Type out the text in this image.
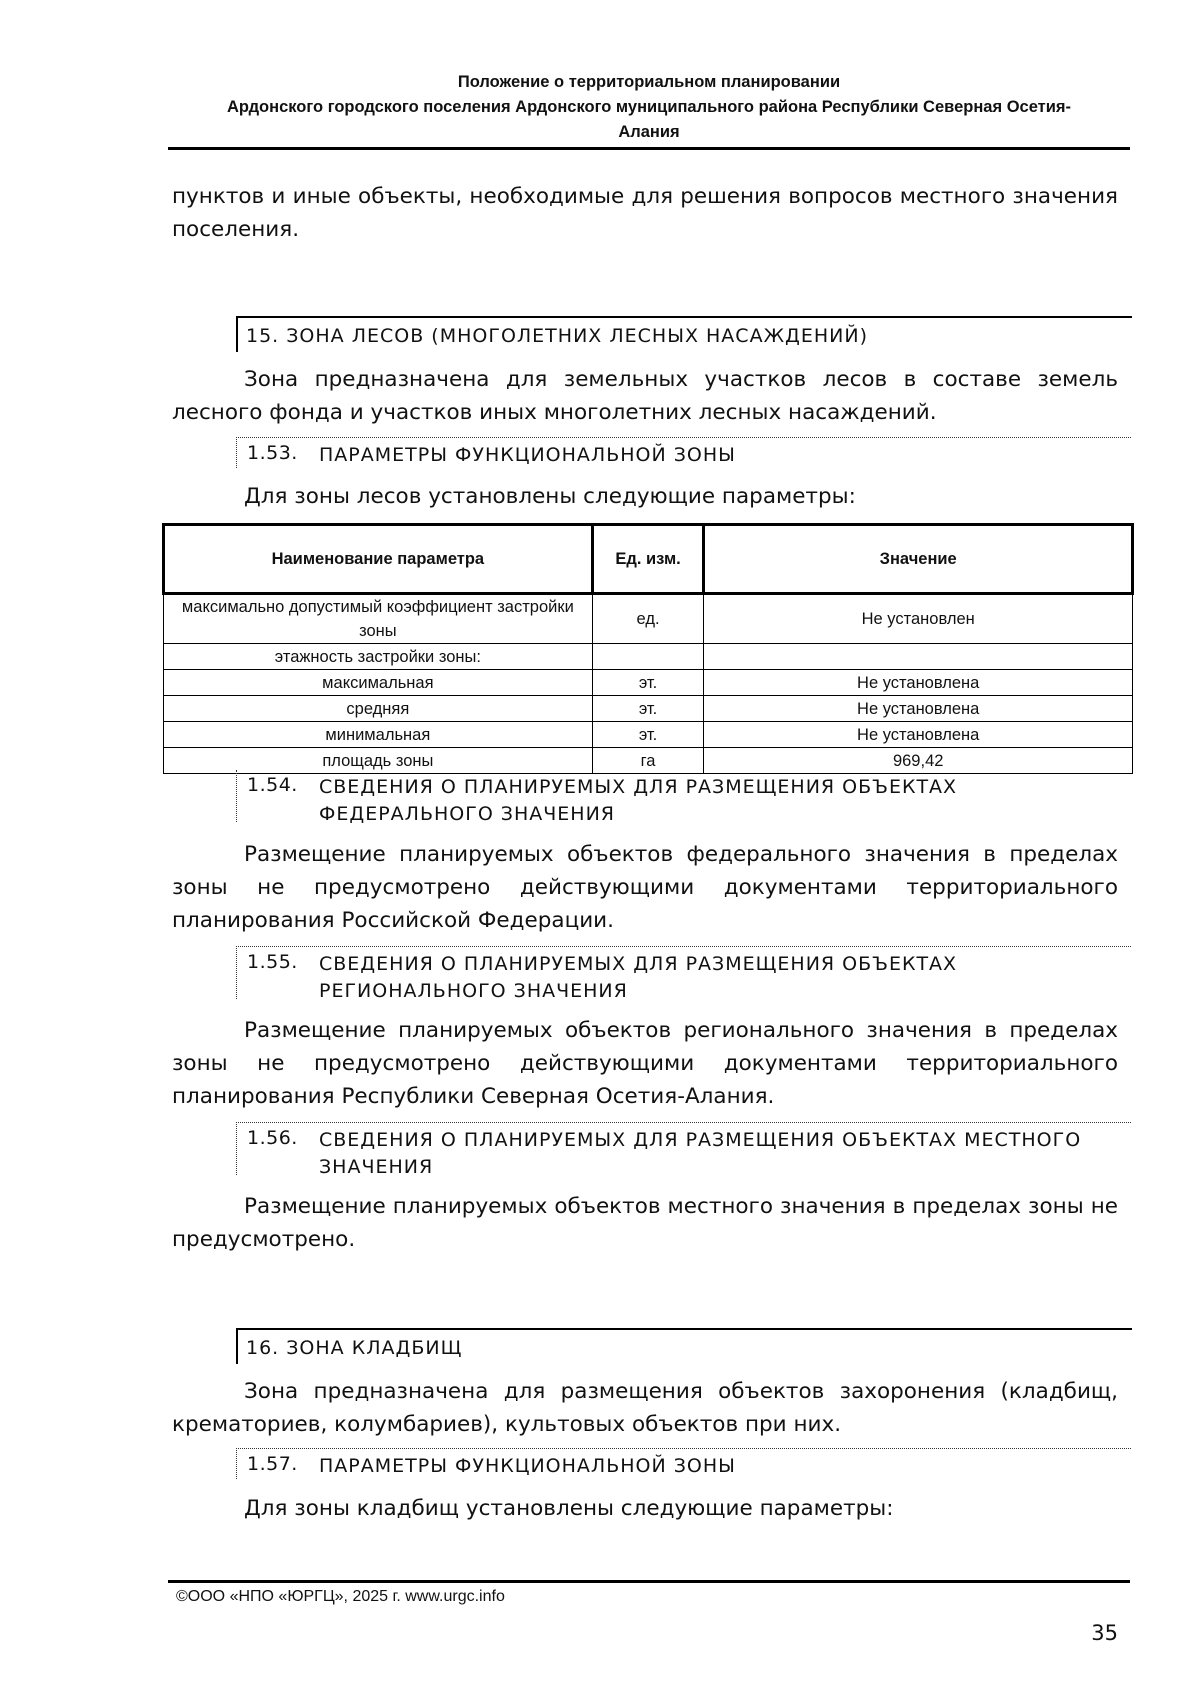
Положение о территориальном планировании
Ардонского городского поселения Ардонского муниципального района Республики Северная Осетия-
Алания
пунктов и иные объекты, необходимые для решения вопросов местного значения поселения.
15. ЗОНА ЛЕСОВ (МНОГОЛЕТНИХ ЛЕСНЫХ НАСАЖДЕНИЙ)
Зона предназначена для земельных участков лесов в составе земель лесного фонда и участков иных многолетних лесных насаждений.
1.53. ПАРАМЕТРЫ ФУНКЦИОНАЛЬНОЙ ЗОНЫ
Для зоны лесов установлены следующие параметры:
Наименование параметра	Ед. изм.	Значение
максимально допустимый коэффициент застройки зоны	ед.	Не установлен
этажность застройки зоны:		
максимальная	эт.	Не установлена
средняя	эт.	Не установлена
минимальная	эт.	Не установлена
площадь зоны	га	969,42
1.54. СВЕДЕНИЯ О ПЛАНИРУЕМЫХ ДЛЯ РАЗМЕЩЕНИЯ ОБЪЕКТАХ ФЕДЕРАЛЬНОГО ЗНАЧЕНИЯ
Размещение планируемых объектов федерального значения в пределах зоны не предусмотрено действующими документами территориального планирования Российской Федерации.
1.55. СВЕДЕНИЯ О ПЛАНИРУЕМЫХ ДЛЯ РАЗМЕЩЕНИЯ ОБЪЕКТАХ РЕГИОНАЛЬНОГО ЗНАЧЕНИЯ
Размещение планируемых объектов регионального значения в пределах зоны не предусмотрено действующими документами территориального планирования Республики Северная Осетия-Алания.
1.56. СВЕДЕНИЯ О ПЛАНИРУЕМЫХ ДЛЯ РАЗМЕЩЕНИЯ ОБЪЕКТАХ МЕСТНОГО ЗНАЧЕНИЯ
Размещение планируемых объектов местного значения в пределах зоны не предусмотрено.
16. ЗОНА КЛАДБИЩ
Зона предназначена для размещения объектов захоронения (кладбищ, крематориев, колумбариев), культовых объектов при них.
1.57. ПАРАМЕТРЫ ФУНКЦИОНАЛЬНОЙ ЗОНЫ
Для зоны кладбищ установлены следующие параметры:
©ООО «НПО «ЮРГЦ», 2025 г. www.urgc.info
35
